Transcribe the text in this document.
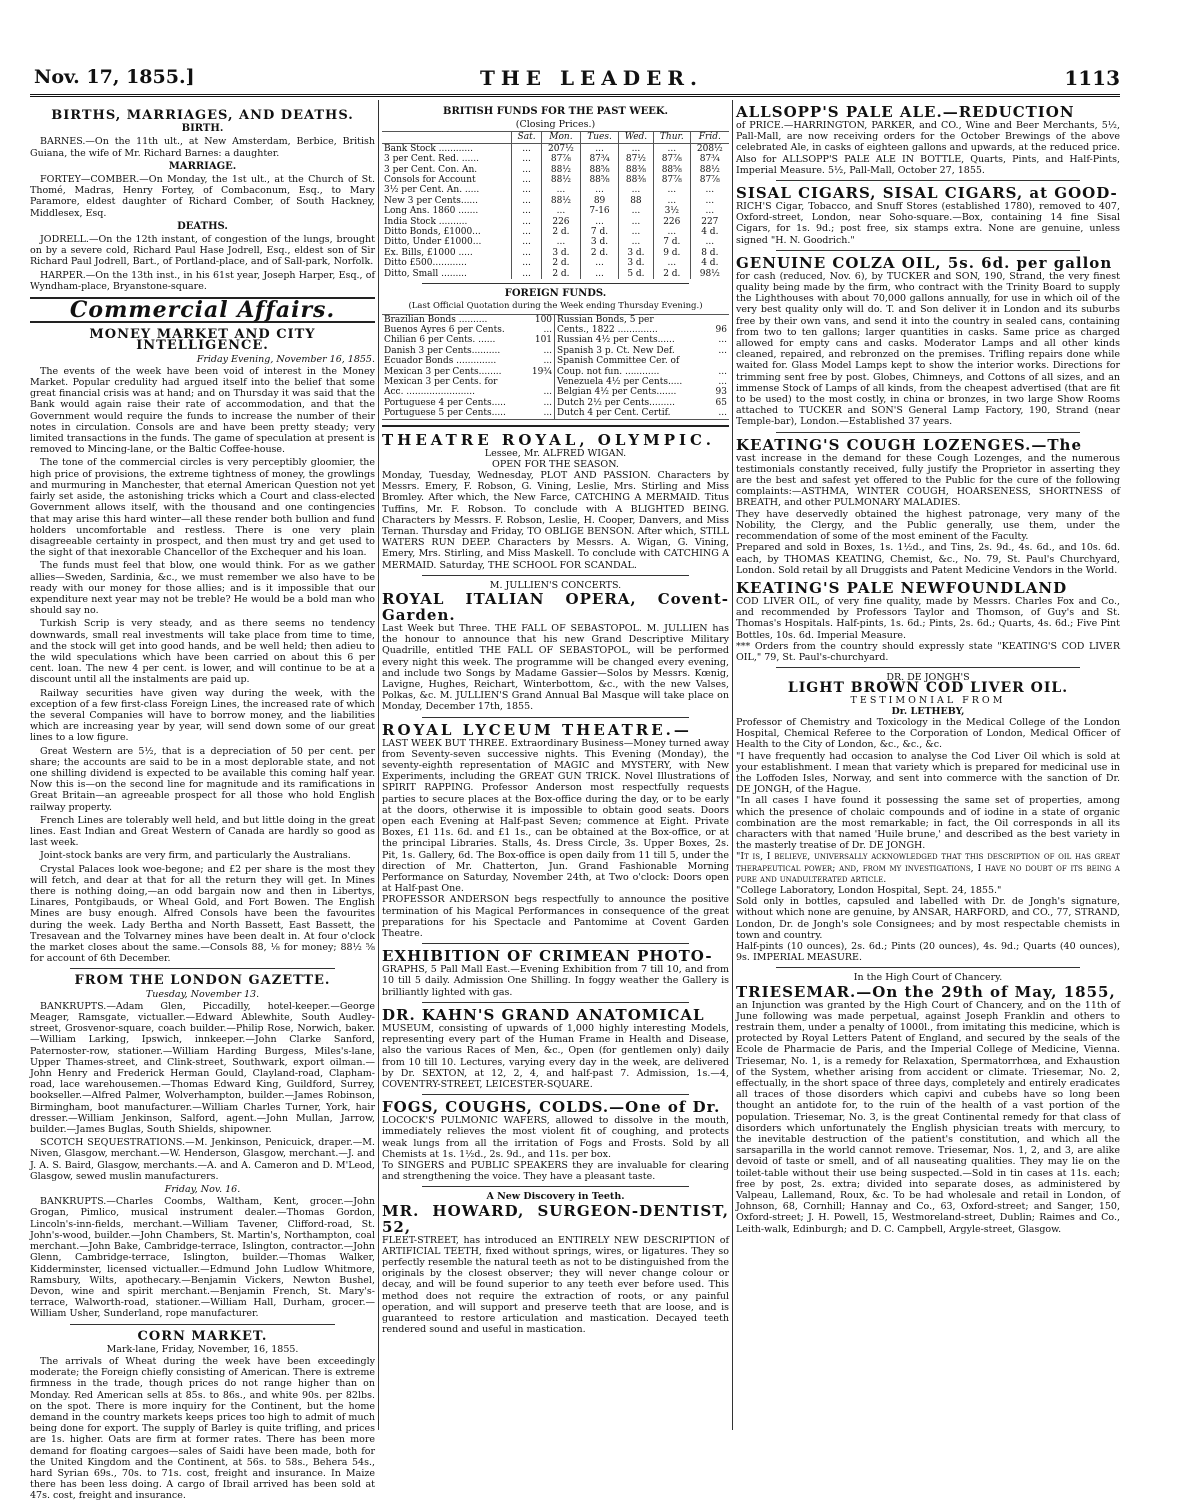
Nov. 17, 1855.]	THE LEADER.	1113
BIRTHS, MARRIAGES, AND DEATHS.
BIRTH.

BARNES.—On the 11th ult., at New Amsterdam, Berbice, British Guiana, the wife of Mr. Richard Barnes: a daughter.

MARRIAGE.

FORTEY—COMBER.—On Monday, the 1st ult., at the Church of St. Thomé, Madras, Henry Fortey, of Combaconum, Esq., to Mary Paramore, eldest daughter of Richard Comber, of South Hackney, Middlesex, Esq.

DEATHS.

JODRELL.—On the 12th instant, of congestion of the lungs, brought on by a severe cold, Richard Paul Hase Jodrell, Esq., eldest son of Sir Richard Paul Jodrell, Bart., of Portland-place, and of Sall-park, Norfolk.

HARPER.—On the 13th inst., in his 61st year, Joseph Harper, Esq., of Wyndham-place, Bryanstone-square.

Commercial Affairs.
MONEY MARKET AND CITY INTELLIGENCE.
Friday Evening, November 16, 1855.

The events of the week have been void of interest in the Money Market. Popular credulity had argued itself into the belief that some great financial crisis was at hand; and on Thursday it was said that the Bank would again raise their rate of accommodation, and that the Government would require the funds to increase the number of their notes in circulation. Consols are and have been pretty steady; very limited transactions in the funds. The game of speculation at present is removed to Mincing-lane, or the Baltic Coffee-house.

The tone of the commercial circles is very perceptibly gloomier, the high price of provisions, the extreme tightness of money, the growlings and murmuring in Manchester, that eternal American Question not yet fairly set aside, the astonishing tricks which a Court and class-elected Government allows itself, with the thousand and one contingencies that may arise this hard winter—all these render both bullion and fund holders uncomfortable and restless. There is one very plain disagreeable certainty in prospect, and then must try and get used to the sight of that inexorable Chancellor of the Exchequer and his loan.

The funds must feel that blow, one would think. For as we gather allies—Sweden, Sardinia, &c., we must remember we also have to be ready with our money for those allies; and is it impossible that our expenditure next year may not be treble? He would be a bold man who should say no.

Turkish Scrip is very steady, and as there seems no tendency downwards, small real investments will take place from time to time, and the stock will get into good hands, and be well held; then adieu to the wild speculations which have been carried on about this 6 per cent. loan. The new 4 per cent. is lower, and will continue to be at a discount until all the instalments are paid up.

Railway securities have given way during the week, with the exception of a few first-class Foreign Lines, the increased rate of which the several Companies will have to borrow money, and the liabilities which are increasing year by year, will send down some of our great lines to a low figure.

Great Western are 5½, that is a depreciation of 50 per cent. per share; the accounts are said to be in a most deplorable state, and not one shilling dividend is expected to be available this coming half year. Now this is—on the second line for magnitude and its ramifications in Great Britain—an agreeable prospect for all those who hold English railway property.

French Lines are tolerably well held, and but little doing in the great lines. East Indian and Great Western of Canada are hardly so good as last week.

Joint-stock banks are very firm, and particularly the Australians.

Crystal Palaces look woe-begone; and £2 per share is the most they will fetch, and dear at that for all the return they will get. In Mines there is nothing doing,—an odd bargain now and then in Libertys, Linares, Pontgibauds, or Wheal Gold, and Fort Bowen. The English Mines are busy enough. Alfred Consols have been the favourites during the week. Lady Bertha and North Bassett, East Bassett, the Tresavean and the Tolvarney mines have been dealt in. At four o'clock the market closes about the same.—Consols 88, ⅛ for money; 88½ ⅝ for account of 6th December.

FROM THE LONDON GAZETTE.
Tuesday, November 13.

BANKRUPTS.—Adam Glen, Piccadilly, hotel-keeper.—George Meager, Ramsgate, victualler.—Edward Ablewhite, South Audley-street, Grosvenor-square, coach builder.—Philip Rose, Norwich, baker.—William Larking, Ipswich, innkeeper.—John Clarke Sanford, Paternoster-row, stationer.—William Harding Burgess, Miles's-lane, Upper Thames-street, and Clink-street, Southwark, export oilman.—John Henry and Frederick Herman Gould, Clayland-road, Clapham-road, lace warehousemen.—Thomas Edward King, Guildford, Surrey, bookseller.—Alfred Palmer, Wolverhampton, builder.—James Robinson, Birmingham, boot manufacturer.—William Charles Turner, York, hair dresser.—William Jenkinson, Salford, agent.—John Mullan, Jarrow, builder.—James Buglas, South Shields, shipowner.

SCOTCH SEQUESTRATIONS.—M. Jenkinson, Penicuick, draper.—M. Niven, Glasgow, merchant.—W. Henderson, Glasgow, merchant.—J. and J. A. S. Baird, Glasgow, merchants.—A. and A. Cameron and D. M'Leod, Glasgow, sewed muslin manufacturers.

Friday, Nov. 16.

BANKRUPTS.—Charles Coombs, Waltham, Kent, grocer.—John Grogan, Pimlico, musical instrument dealer.—Thomas Gordon, Lincoln's-inn-fields, merchant.—William Tavener, Clifford-road, St. John's-wood, builder.—John Chambers, St. Martin's, Northampton, coal merchant.—John Bake, Cambridge-terrace, Islington, contractor.—John Glenn, Cambridge-terrace, Islington, builder.—Thomas Walker, Kidderminster, licensed victualler.—Edmund John Ludlow Whitmore, Ramsbury, Wilts, apothecary.—Benjamin Vickers, Newton Bushel, Devon, wine and spirit merchant.—Benjamin French, St. Mary's-terrace, Walworth-road, stationer.—William Hall, Durham, grocer.—William Usher, Sunderland, rope manufacturer.

CORN MARKET.
Mark-lane, Friday, November, 16, 1855.

The arrivals of Wheat during the week have been exceedingly moderate; the Foreign chiefly consisting of American. There is extreme firmness in the trade, though prices do not range higher than on Monday. Red American sells at 85s. to 86s., and white 90s. per 82lbs. on the spot. There is more inquiry for the Continent, but the home demand in the country markets keeps prices too high to admit of much being done for export. The supply of Barley is quite trifling, and prices are 1s. higher. Oats are firm at former rates. There has been more demand for floating cargoes—sales of Saidi have been made, both for the United Kingdom and the Continent, at 56s. to 58s., Behera 54s., hard Syrian 69s., 70s. to 71s. cost, freight and insurance. In Maize there has been less doing. A cargo of Ibrail arrived has been sold at 47s. cost, freight and insurance.

BRITISH FUNDS FOR THE PAST WEEK.
(Closing Prices.)
	Sat.	Mon.	Tues.	Wed.	Thur.	Frid.
Bank Stock ............	...	207½	...	...	...	208½
3 per Cent. Red. ......	...	87⅞	87¾	87½	87⅞	87¾
3 per Cent. Con. An.	...	88½	88⅝	88⅜	88⅝	88½
Consols for Account	...	88½	88⅝	88⅜	87⅞	87⅞
3½ per Cent. An. .....	...	...	...	...	...	...
New 3 per Cents......	...	88½	89	88	...	...
Long Ans. 1860 .......	...	...	7-16	...	3½	...
India Stock ..........	...	226	...	...	226	227
Ditto Bonds, £1000...	...	2 d.	7 d.	...	...	4 d.
Ditto, Under £1000...	...	...	3 d.	...	7 d.	...
Ex. Bills, £1000 .....	...	3 d.	2 d.	3 d.	9 d.	8 d.
Ditto £500............	...	2 d.	...	3 d.	...	4 d.
Ditto, Small .........	...	2 d.	...	5 d.	2 d.	98½
FOREIGN FUNDS.
(Last Official Quotation during the Week ending Thursday Evening.)
Brazilian Bonds ..........	100	Russian Bonds, 5 per	
Buenos Ayres 6 per Cents.	...	Cents., 1822 ..............	96
Chilian 6 per Cents. ......	101	Russian 4½ per Cents......	...
Danish 3 per Cents..........	...	Spanish 3 p. Ct. New Def.	...
Ecuador Bonds ..............	...	Spanish Committee Cer. of	
Mexican 3 per Cents........	19¾	Coup. not fun. ............	...
Mexican 3 per Cents. for		Venezuela 4½ per Cents.....	...
Acc. ........................	...	Belgian 4½ per Cents.......	93
Portuguese 4 per Cents.....	...	Dutch 2½ per Cents.........	65
Portuguese 5 per Cents.....	...	Dutch 4 per Cent. Certif.	...
THEATRE ROYAL, OLYMPIC.
Lessee, Mr. ALFRED WIGAN.
OPEN FOR THE SEASON.
Monday, Tuesday, Wednesday, PLOT AND PASSION. Characters by Messrs. Emery, F. Robson, G. Vining, Leslie, Mrs. Stirling and Miss Bromley. After which, the New Farce, CATCHING A MERMAID. Titus Tuffins, Mr. F. Robson. To conclude with A BLIGHTED BEING. Characters by Messrs. F. Robson, Leslie, H. Cooper, Danvers, and Miss Ternan. Thursday and Friday, TO OBLIGE BENSON. After which, STILL WATERS RUN DEEP. Characters by Messrs. A. Wigan, G. Vining, Emery, Mrs. Stirling, and Miss Maskell. To conclude with CATCHING A MERMAID. Saturday, THE SCHOOL FOR SCANDAL.
M. JULLIEN'S CONCERTS.
ROYAL ITALIAN OPERA, Covent-Garden.
Last Week but Three. THE FALL OF SEBASTOPOL. M. JULLIEN has the honour to announce that his new Grand Descriptive Military Quadrille, entitled THE FALL OF SEBASTOPOL, will be performed every night this week. The programme will be changed every evening, and include two Songs by Madame Gassier—Solos by Messrs. Kœnig, Lavigne, Hughes, Reichart, Winterbottom, &c., with the new Valses, Polkas, &c. M. JULLIEN'S Grand Annual Bal Masque will take place on Monday, December 17th, 1855.
ROYAL LYCEUM THEATRE.—
LAST WEEK BUT THREE. Extraordinary Business—Money turned away from Seventy-seven successive nights. This Evening (Monday), the seventy-eighth representation of MAGIC and MYSTERY, with New Experiments, including the GREAT GUN TRICK. Novel Illustrations of SPIRIT RAPPING. Professor Anderson most respectfully requests parties to secure places at the Box-office during the day, or to be early at the doors, otherwise it is impossible to obtain good seats. Doors open each Evening at Half-past Seven; commence at Eight. Private Boxes, £1 11s. 6d. and £1 1s., can be obtained at the Box-office, or at the principal Libraries. Stalls, 4s. Dress Circle, 3s. Upper Boxes, 2s. Pit, 1s. Gallery, 6d. The Box-office is open daily from 11 till 5, under the direction of Mr. Chatterton, Jun. Grand Fashionable Morning Performance on Saturday, November 24th, at Two o'clock: Doors open at Half-past One.
PROFESSOR ANDERSON begs respectfully to announce the positive termination of his Magical Performances in consequence of the great preparations for his Spectacle and Pantomime at Covent Garden Theatre.
EXHIBITION OF CRIMEAN PHOTO-
GRAPHS, 5 Pall Mall East.—Evening Exhibition from 7 till 10, and from 10 till 5 daily. Admission One Shilling. In foggy weather the Gallery is brilliantly lighted with gas.
DR. KAHN'S GRAND ANATOMICAL
MUSEUM, consisting of upwards of 1,000 highly interesting Models, representing every part of the Human Frame in Health and Disease, also the various Races of Men, &c., Open (for gentlemen only) daily from 10 till 10. Lectures, varying every day in the week, are delivered by Dr. SEXTON, at 12, 2, 4, and half-past 7. Admission, 1s.—4, COVENTRY-STREET, LEICESTER-SQUARE.
FOGS, COUGHS, COLDS.—One of Dr.
LOCOCK'S PULMONIC WAFERS, allowed to dissolve in the mouth, immediately relieves the most violent fit of coughing, and protects weak lungs from all the irritation of Fogs and Frosts. Sold by all Chemists at 1s. 1½d., 2s. 9d., and 11s. per box.
To SINGERS and PUBLIC SPEAKERS they are invaluable for clearing and strengthening the voice. They have a pleasant taste.
A New Discovery in Teeth.
MR. HOWARD, SURGEON-DENTIST, 52,
FLEET-STREET, has introduced an ENTIRELY NEW DESCRIPTION of ARTIFICIAL TEETH, fixed without springs, wires, or ligatures. They so perfectly resemble the natural teeth as not to be distinguished from the originals by the closest observer; they will never change colour or decay, and will be found superior to any teeth ever before used. This method does not require the extraction of roots, or any painful operation, and will support and preserve teeth that are loose, and is guaranteed to restore articulation and mastication. Decayed teeth rendered sound and useful in mastication.
ALLSOPP'S PALE ALE.—REDUCTION
of PRICE.—HARRINGTON, PARKER, and CO., Wine and Beer Merchants, 5½, Pall-Mall, are now receiving orders for the October Brewings of the above celebrated Ale, in casks of eighteen gallons and upwards, at the reduced price. Also for ALLSOPP'S PALE ALE IN BOTTLE, Quarts, Pints, and Half-Pints, Imperial Measure. 5½, Pall-Mall, October 27, 1855.
SISAL CIGARS, SISAL CIGARS, at GOOD-
RICH'S Cigar, Tobacco, and Snuff Stores (established 1780), removed to 407, Oxford-street, London, near Soho-square.—Box, containing 14 fine Sisal Cigars, for 1s. 9d.; post free, six stamps extra. None are genuine, unless signed "H. N. Goodrich."
GENUINE COLZA OIL, 5s. 6d. per gallon
for cash (reduced, Nov. 6), by TUCKER and SON, 190, Strand, the very finest quality being made by the firm, who contract with the Trinity Board to supply the Lighthouses with about 70,000 gallons annually, for use in which oil of the very best quality only will do. T. and Son deliver it in London and its suburbs free by their own vans, and send it into the country in sealed cans, containing from two to ten gallons; larger quantities in casks. Same price as charged allowed for empty cans and casks. Moderator Lamps and all other kinds cleaned, repaired, and rebronzed on the premises. Trifling repairs done while waited for. Glass Model Lamps kept to show the interior works. Directions for trimming sent free by post. Globes, Chimneys, and Cottons of all sizes, and an immense Stock of Lamps of all kinds, from the cheapest advertised (that are fit to be used) to the most costly, in china or bronzes, in two large Show Rooms attached to TUCKER and SON'S General Lamp Factory, 190, Strand (near Temple-bar), London.—Established 37 years.
KEATING'S COUGH LOZENGES.—The
vast increase in the demand for these Cough Lozenges, and the numerous testimonials constantly received, fully justify the Proprietor in asserting they are the best and safest yet offered to the Public for the cure of the following complaints:—ASTHMA, WINTER COUGH, HOARSENESS, SHORTNESS of BREATH, and other PULMONARY MALADIES.
They have deservedly obtained the highest patronage, very many of the Nobility, the Clergy, and the Public generally, use them, under the recommendation of some of the most eminent of the Faculty.
Prepared and sold in Boxes, 1s. 1½d., and Tins, 2s. 9d., 4s. 6d., and 10s. 6d. each, by THOMAS KEATING, Chemist, &c., No. 79, St. Paul's Churchyard, London. Sold retail by all Druggists and Patent Medicine Vendors in the World.
KEATING'S PALE NEWFOUNDLAND
COD LIVER OIL, of very fine quality, made by Messrs. Charles Fox and Co., and recommended by Professors Taylor and Thomson, of Guy's and St. Thomas's Hospitals. Half-pints, 1s. 6d.; Pints, 2s. 6d.; Quarts, 4s. 6d.; Five Pint Bottles, 10s. 6d. Imperial Measure.
*** Orders from the country should expressly state "KEATING'S COD LIVER OIL," 79, St. Paul's-churchyard.
DR. DE JONGH'S
LIGHT BROWN COD LIVER OIL.
TESTIMONIAL FROM
Dr. LETHEBY,
Professor of Chemistry and Toxicology in the Medical College of the London Hospital, Chemical Referee to the Corporation of London, Medical Officer of Health to the City of London, &c., &c., &c.
"I have frequently had occasion to analyse the Cod Liver Oil which is sold at your establishment. I mean that variety which is prepared for medicinal use in the Loffoden Isles, Norway, and sent into commerce with the sanction of Dr. DE JONGH, of the Hague.
"In all cases I have found it possessing the same set of properties, among which the presence of cholaic compounds and of iodine in a state of organic combination are the most remarkable; in fact, the Oil corresponds in all its characters with that named 'Huile brune,' and described as the best variety in the masterly treatise of Dr. DE JONGH.
"It is, I believe, universally acknowledged that this description of oil has great therapeutical power; and, from my investigations, I have no doubt of its being a pure and unadulterated article.
"College Laboratory, London Hospital, Sept. 24, 1855."
Sold only in bottles, capsuled and labelled with Dr. de Jongh's signature, without which none are genuine, by ANSAR, HARFORD, and CO., 77, STRAND, London, Dr. de Jongh's sole Consignees; and by most respectable chemists in town and country.
Half-pints (10 ounces), 2s. 6d.; Pints (20 ounces), 4s. 9d.; Quarts (40 ounces), 9s. IMPERIAL MEASURE.
In the High Court of Chancery.
TRIESEMAR.—On the 29th of May, 1855,
an Injunction was granted by the High Court of Chancery, and on the 11th of June following was made perpetual, against Joseph Franklin and others to restrain them, under a penalty of 1000l., from imitating this medicine, which is protected by Royal Letters Patent of England, and secured by the seals of the Ecole de Pharmacie de Paris, and the Imperial College of Medicine, Vienna. Triesemar, No. 1, is a remedy for Relaxation, Spermatorrhœa, and Exhaustion of the System, whether arising from accident or climate. Triesemar, No. 2, effectually, in the short space of three days, completely and entirely eradicates all traces of those disorders which capivi and cubebs have so long been thought an antidote for, to the ruin of the health of a vast portion of the population. Triesemar, No. 3, is the great Continental remedy for that class of disorders which unfortunately the English physician treats with mercury, to the inevitable destruction of the patient's constitution, and which all the sarsaparilla in the world cannot remove. Triesemar, Nos. 1, 2, and 3, are alike devoid of taste or smell, and of all nauseating qualities. They may lie on the toilet-table without their use being suspected.—Sold in tin cases at 11s. each; free by post, 2s. extra; divided into separate doses, as administered by Valpeau, Lallemand, Roux, &c. To be had wholesale and retail in London, of Johnson, 68, Cornhill; Hannay and Co., 63, Oxford-street; and Sanger, 150, Oxford-street; J. H. Powell, 15, Westmoreland-street, Dublin; Raimes and Co., Leith-walk, Edinburgh; and D. C. Campbell, Argyle-street, Glasgow.
